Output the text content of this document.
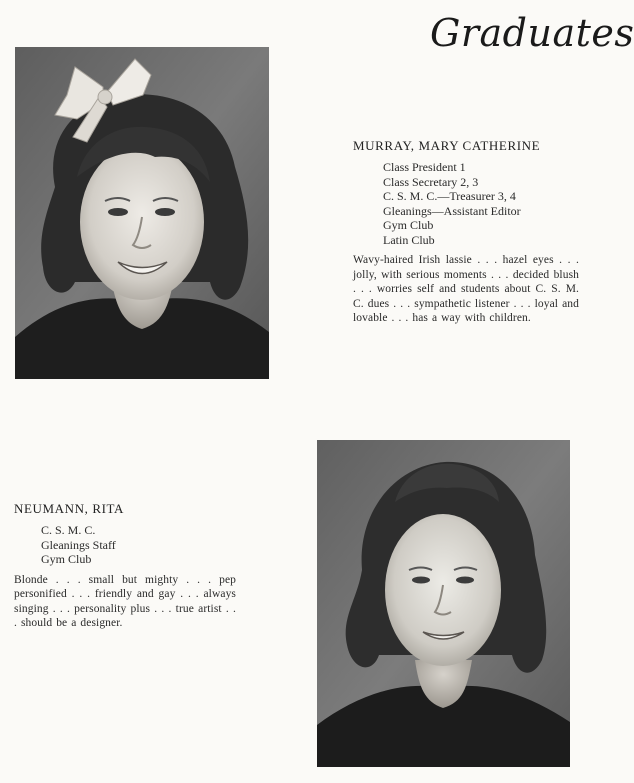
Graduates
MURRAY, MARY CATHERINE
Class President 1
Class Secretary 2, 3
C. S. M. C.—Treasurer 3, 4
Gleanings—Assistant Editor
Gym Club
Latin Club

Wavy-haired Irish lassie . . . hazel eyes . . . jolly, with serious moments . . . decided blush . . . worries self and students about C. S. M. C. dues . . . sympathetic listener . . . loyal and lovable . . . has a way with children.

NEUMANN, RITA
C. S. M. C.
Gleanings Staff
Gym Club

Blonde . . . small but mighty . . . pep personified . . . friendly and gay . . . always singing . . . personality plus . . . true artist . . . should be a designer.
